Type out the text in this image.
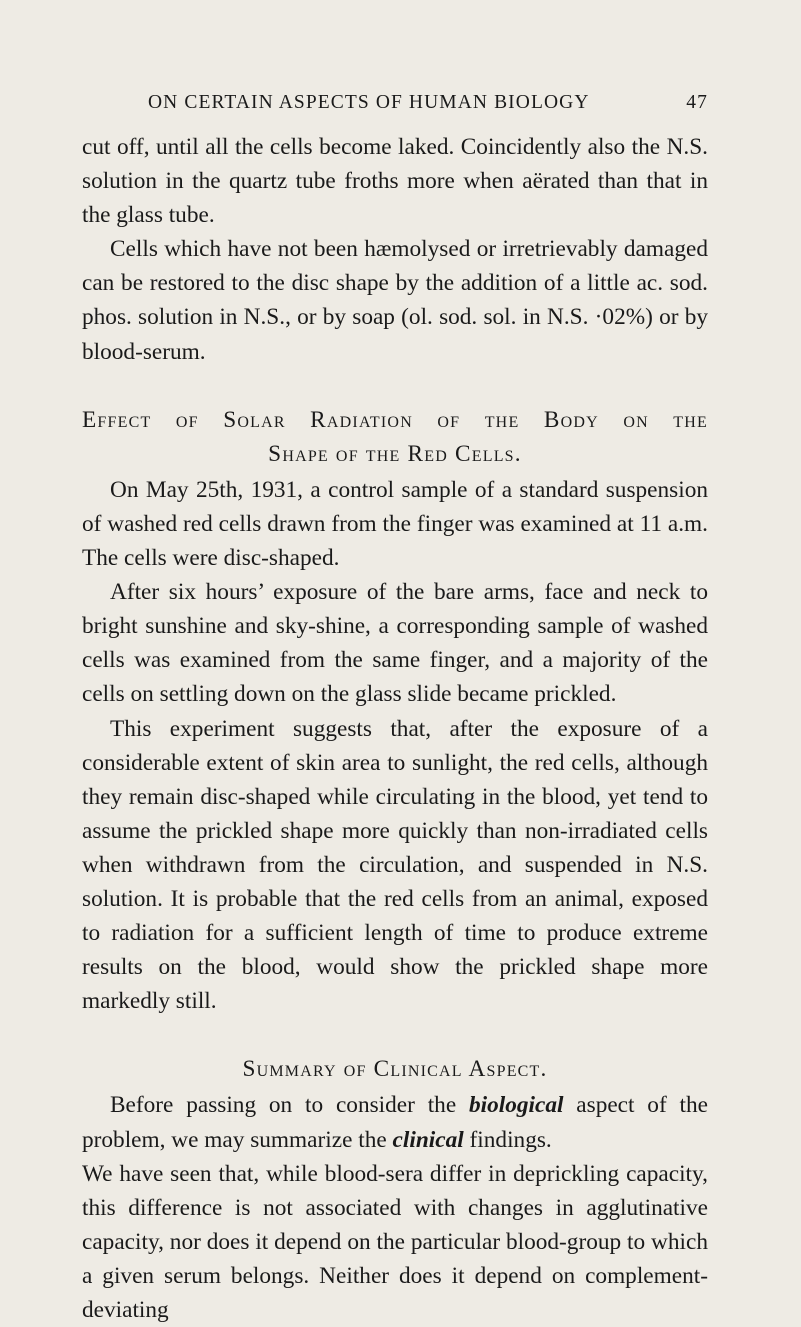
ON CERTAIN ASPECTS OF HUMAN BIOLOGY	47

cut off, until all the cells become laked. Coincidently also the N.S. solution in the quartz tube froths more when aërated than that in the glass tube.

Cells which have not been hæmolysed or irretrievably damaged can be restored to the disc shape by the addition of a little ac. sod. phos. solution in N.S., or by soap (ol. sod. sol. in N.S. ·02%) or by blood-serum.

Effect of Solar Radiation of the Body on the
Shape of the Red Cells.

On May 25th, 1931, a control sample of a standard suspension of washed red cells drawn from the finger was examined at 11 a.m. The cells were disc-shaped.

After six hours’ exposure of the bare arms, face and neck to bright sunshine and sky-shine, a corresponding sample of washed cells was examined from the same finger, and a majority of the cells on settling down on the glass slide became prickled.

This experiment suggests that, after the exposure of a considerable extent of skin area to sunlight, the red cells, although they remain disc-shaped while circulating in the blood, yet tend to assume the prickled shape more quickly than non-irradiated cells when withdrawn from the circulation, and suspended in N.S. solution. It is probable that the red cells from an animal, exposed to radiation for a sufficient length of time to produce extreme results on the blood, would show the prickled shape more markedly still.

Summary of Clinical Aspect.

Before passing on to consider the biological aspect of the problem, we may summarize the clinical findings.

We have seen that, while blood-sera differ in deprickling capacity, this difference is not associated with changes in agglutinative capacity, nor does it depend on the particular blood-group to which a given serum belongs. Neither does it depend on complement-deviating
